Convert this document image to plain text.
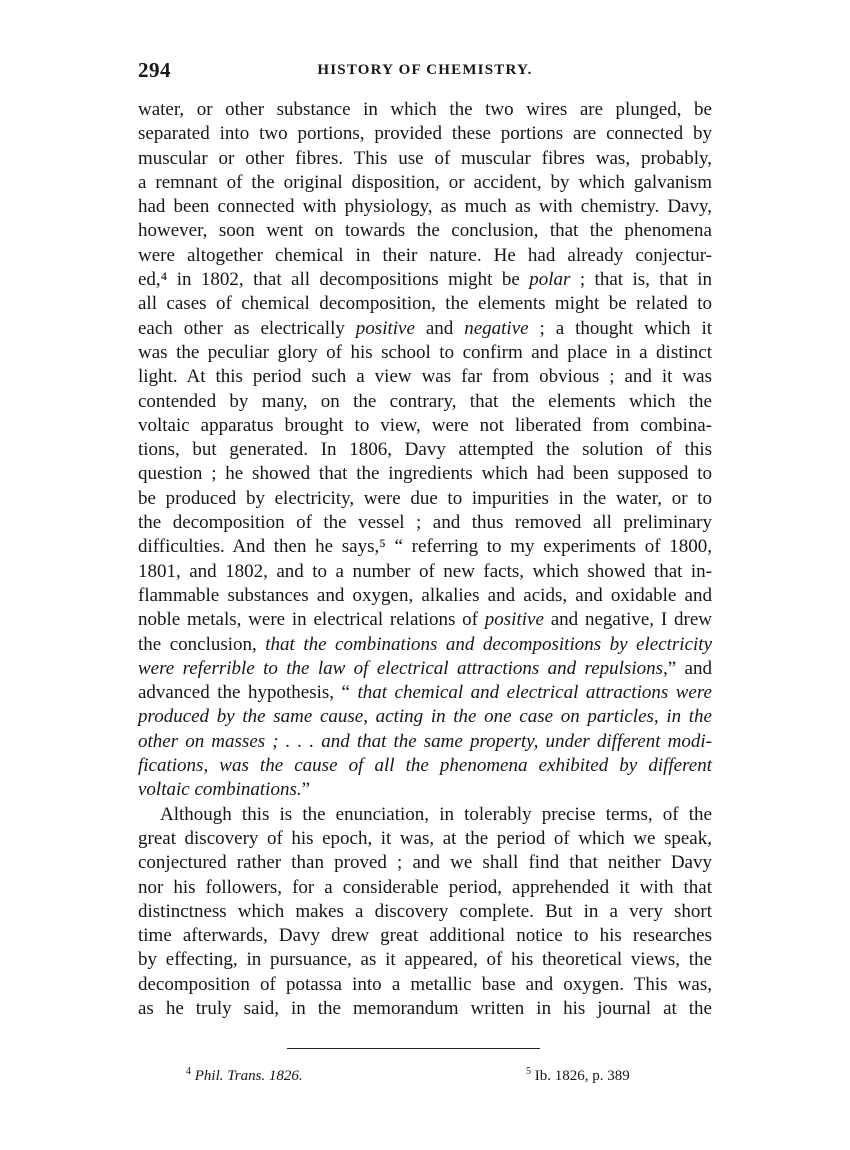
294	HISTORY OF CHEMISTRY.

water, or other substance in which the two wires are plunged, be
separated into two portions, provided these portions are connected by
muscular or other fibres. This use of muscular fibres was, probably,
a remnant of the original disposition, or accident, by which galvanism
had been connected with physiology, as much as with chemistry. Davy,
however, soon went on towards the conclusion, that the phenomena
were altogether chemical in their nature. He had already conjectur-
ed,⁴ in 1802, that all decompositions might be polar ; that is, that in
all cases of chemical decomposition, the elements might be related to
each other as electrically positive and negative ; a thought which it
was the peculiar glory of his school to confirm and place in a distinct
light. At this period such a view was far from obvious ; and it was
contended by many, on the contrary, that the elements which the
voltaic apparatus brought to view, were not liberated from combina-
tions, but generated. In 1806, Davy attempted the solution of this
question ; he showed that the ingredients which had been supposed to
be produced by electricity, were due to impurities in the water, or to
the decomposition of the vessel ; and thus removed all preliminary
difficulties. And then he says,⁵ “ referring to my experiments of 1800,
1801, and 1802, and to a number of new facts, which showed that in-
flammable substances and oxygen, alkalies and acids, and oxidable and
noble metals, were in electrical relations of positive and negative, I drew
the conclusion, that the combinations and decompositions by electricity
were referrible to the law of electrical attractions and repulsions,” and
advanced the hypothesis, “ that chemical and electrical attractions were
produced by the same cause, acting in the one case on particles, in the
other on masses ; . . . and that the same property, under different modi-
fications, was the cause of all the phenomena exhibited by different
voltaic combinations.”

Although this is the enunciation, in tolerably precise terms, of the
great discovery of his epoch, it was, at the period of which we speak,
conjectured rather than proved ; and we shall find that neither Davy
nor his followers, for a considerable period, apprehended it with that
distinctness which makes a discovery complete. But in a very short
time afterwards, Davy drew great additional notice to his researches
by effecting, in pursuance, as it appeared, of his theoretical views, the
decomposition of potassa into a metallic base and oxygen. This was,
as he truly said, in the memorandum written in his journal at the

$^4$ Phil. Trans. 1826.	$^5$ Ib. 1826, p. 389
